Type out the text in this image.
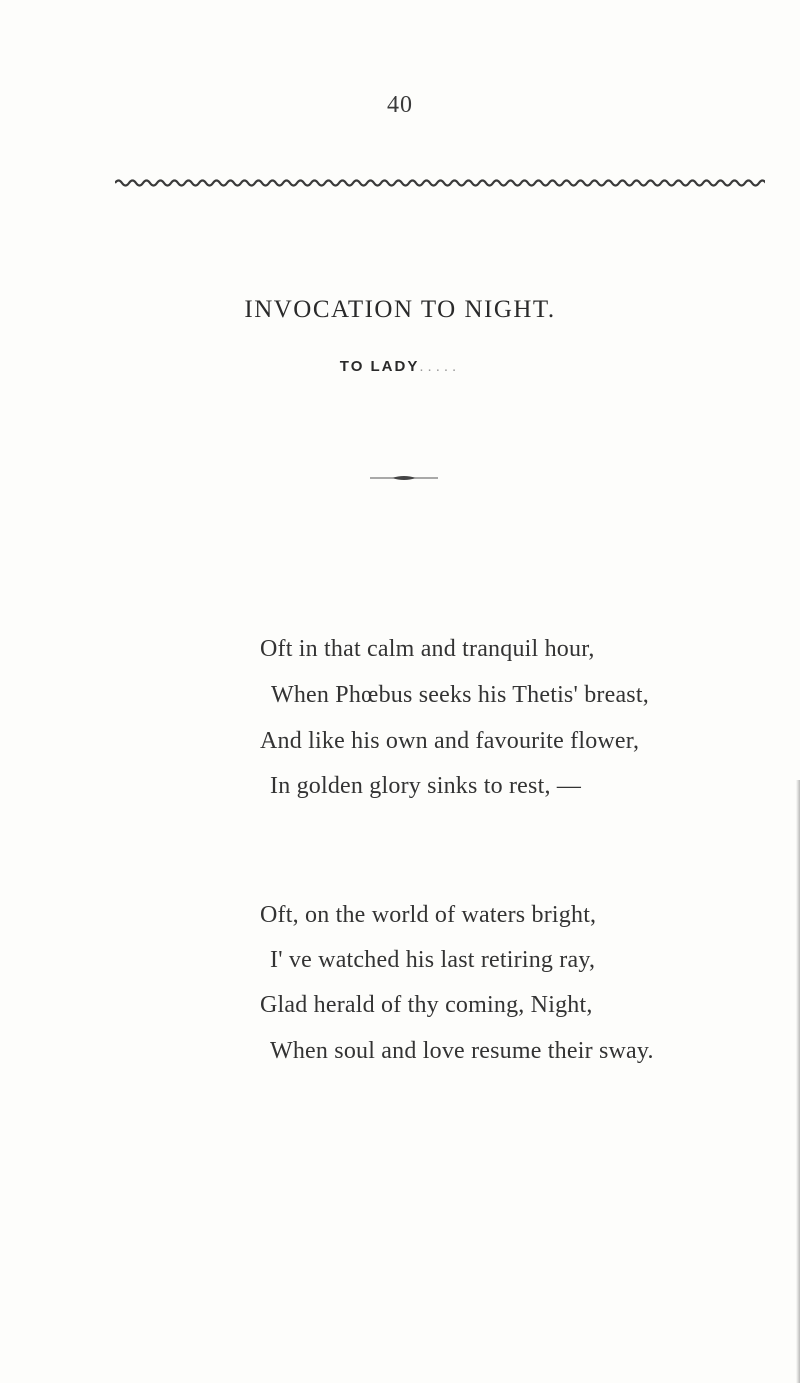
40
INVOCATION TO NIGHT.
TO LADY.....
Oft in that calm and tranquil hour,
When Phœbus seeks his Thetis' breast,
And like his own and favourite flower,
In golden glory sinks to rest, —
Oft, on the world of waters bright,
I' ve watched his last retiring ray,
Glad herald of thy coming, Night,
When soul and love resume their sway.
